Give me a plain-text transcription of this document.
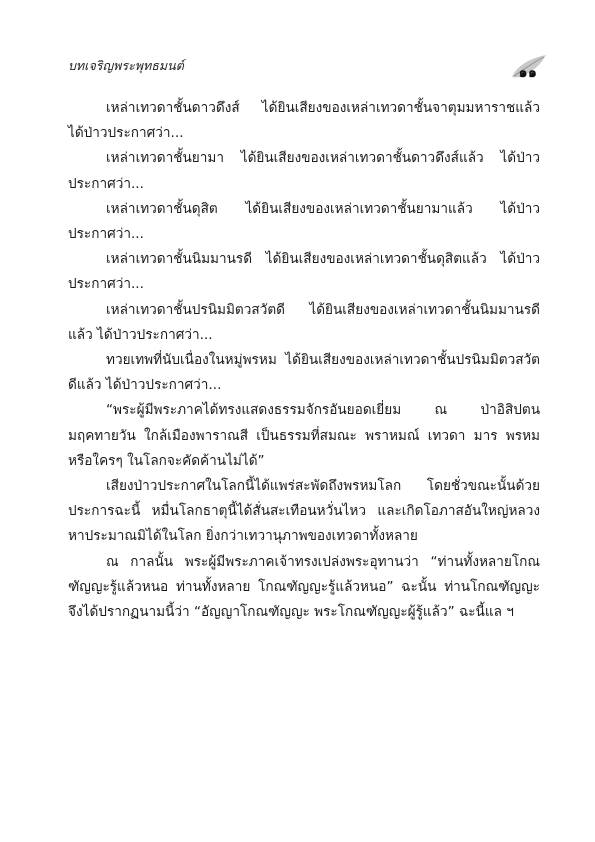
บทเจริญพระพุทธมนต์	๑๑

เหล่าเทวดาชั้นดาวดึงส์ ได้ยินเสียงของเหล่าเทวดาชั้นจาตุมมหาราชแล้ว ได้ป่าวประกาศว่า...

เหล่าเทวดาชั้นยามา ได้ยินเสียงของเหล่าเทวดาชั้นดาวดึงส์แล้ว ได้ป่าวประกาศว่า...

เหล่าเทวดาชั้นดุสิต ได้ยินเสียงของเหล่าเทวดาชั้นยามาแล้ว ได้ป่าวประกาศว่า...

เหล่าเทวดาชั้นนิมมานรดี ได้ยินเสียงของเหล่าเทวดาชั้นดุสิตแล้ว ได้ป่าวประกาศว่า...

เหล่าเทวดาชั้นปรนิมมิตวสวัตดี ได้ยินเสียงของเหล่าเทวดาชั้นนิมมานรดีแล้ว ได้ป่าวประกาศว่า...

ทวยเทพที่นับเนื่องในหมู่พรหม ได้ยินเสียงของเหล่าเทวดาชั้นปรนิมมิตวสวัตดีแล้ว ได้ป่าวประกาศว่า...

“พระผู้มีพระภาคได้ทรงแสดงธรรมจักรอันยอดเยี่ยม ณ ป่าอิสิปตนมฤคทายวัน ใกล้เมืองพาราณสี เป็นธรรมที่สมณะ พราหมณ์ เทวดา มาร พรหม หรือใครๆ ในโลกจะคัดค้านไม่ได้”

เสียงป่าวประกาศในโลกนี้ได้แพร่สะพัดถึงพรหมโลก โดยชั่วขณะนั้นด้วยประการฉะนี้ หมื่นโลกธาตุนี้ได้สั่นสะเทือนหวั่นไหว และเกิดโอภาสอันใหญ่หลวงหาประมาณมิได้ในโลก ยิ่งกว่าเทวานุภาพของเทวดาทั้งหลาย

ณ กาลนั้น พระผู้มีพระภาคเจ้าทรงเปล่งพระอุทานว่า “ท่านทั้งหลายโกณฑัญญะรู้แล้วหนอ ท่านทั้งหลาย โกณฑัญญะรู้แล้วหนอ” ฉะนั้น ท่านโกณฑัญญะจึงได้ปรากฏนามนี้ว่า “อัญญาโกณฑัญญะ พระโกณฑัญญะผู้รู้แล้ว” ฉะนี้แล ฯ
